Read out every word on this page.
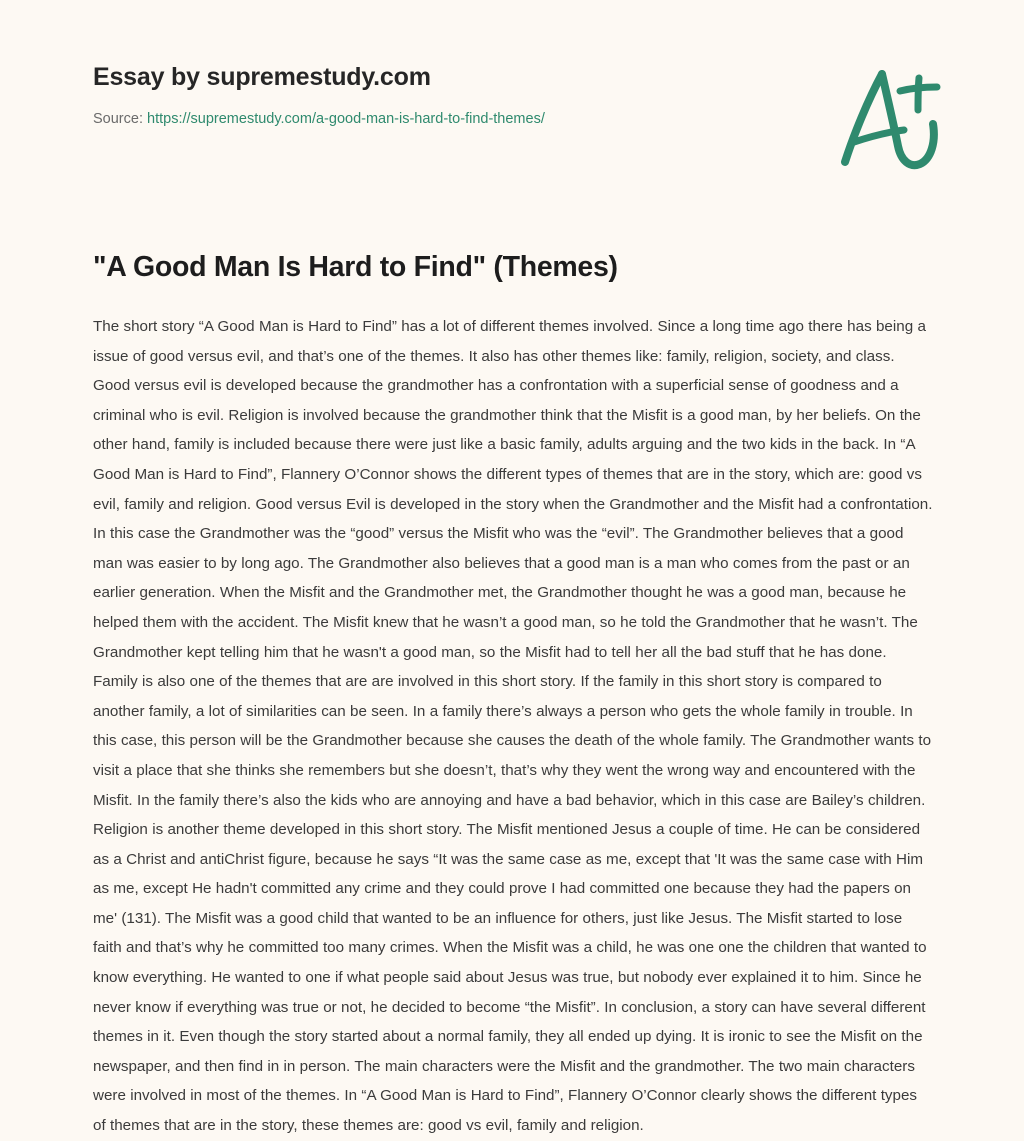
Essay by supremestudy.com
Source: https://supremestudy.com/a-good-man-is-hard-to-find-themes/
"A Good Man Is Hard to Find" (Themes)

The short story “A Good Man is Hard to Find” has a lot of different themes involved. Since a long time ago there has being a issue of good versus evil, and that’s one of the themes. It also has other themes like: family, religion, society, and class. Good versus evil is developed because the grandmother has a confrontation with a superficial sense of goodness and a criminal who is evil. Religion is involved because the grandmother think that the Misfit is a good man, by her beliefs. On the other hand, family is included because there were just like a basic family, adults arguing and the two kids in the back. In “A Good Man is Hard to Find”, Flannery O’Connor shows the different types of themes that are in the story, which are: good vs evil, family and religion. Good versus Evil is developed in the story when the Grandmother and the Misfit had a confrontation. In this case the Grandmother was the “good” versus the Misfit who was the “evil”. The Grandmother believes that a good man was easier to by long ago. The Grandmother also believes that a good man is a man who comes from the past or an earlier generation. When the Misfit and the Grandmother met, the Grandmother thought he was a good man, because he helped them with the accident. The Misfit knew that he wasn’t a good man, so he told the Grandmother that he wasn’t. The Grandmother kept telling him that he wasn't a good man, so the Misfit had to tell her all the bad stuff that he has done. Family is also one of the themes that are are involved in this short story. If the family in this short story is compared to another family, a lot of similarities can be seen. In a family there’s always a person who gets the whole family in trouble. In this case, this person will be the Grandmother because she causes the death of the whole family. The Grandmother wants to visit a place that she thinks she remembers but she doesn’t, that’s why they went the wrong way and encountered with the Misfit. In the family there’s also the kids who are annoying and have a bad behavior, which in this case are Bailey’s children. Religion is another theme developed in this short story. The Misfit mentioned Jesus a couple of time. He can be considered as a Christ and antiChrist figure, because he says “It was the same case as me, except that 'It was the same case with Him as me, except He hadn't committed any crime and they could prove I had committed one because they had the papers on me' (131). The Misfit was a good child that wanted to be an influence for others, just like Jesus. The Misfit started to lose faith and that’s why he committed too many crimes. When the Misfit was a child, he was one one the children that wanted to know everything. He wanted to one if what people said about Jesus was true, but nobody ever explained it to him. Since he never know if everything was true or not, he decided to become “the Misfit”. In conclusion, a story can have several different themes in it. Even though the story started about a normal family, they all ended up dying. It is ironic to see the Misfit on the newspaper, and then find in in person. The main characters were the Misfit and the grandmother. The two main characters were involved in most of the themes. In “A Good Man is Hard to Find”, Flannery O’Connor clearly shows the different types of themes that are in the story, these themes are: good vs evil, family and religion.
